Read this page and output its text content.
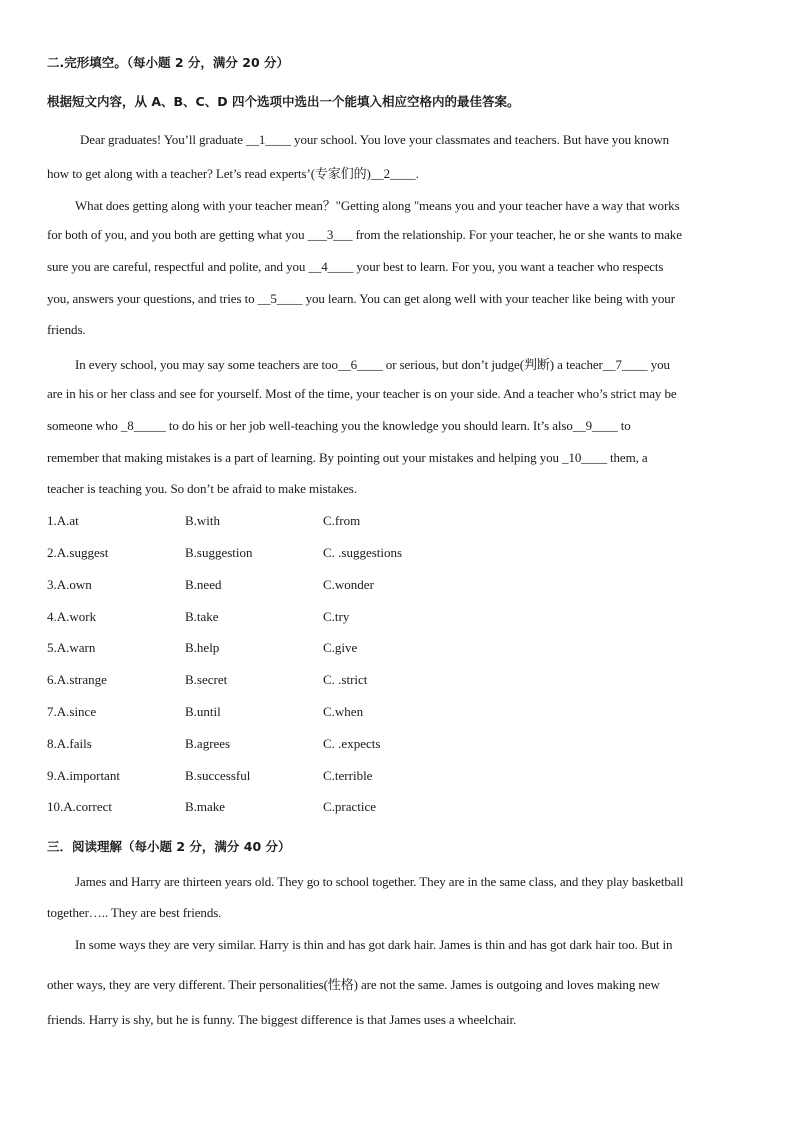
二.完形填空。（每小题 2 分，满分 20 分）
根据短文内容，从 A、B、C、D 四个选项中选出一个能填入相应空格内的最佳答案。
Dear graduates! You’ll graduate __1____ your school. You love your classmates and teachers. But have you known
how to get along with a teacher? Let’s read experts’(专家们的)__2____.
What does getting along with your teacher mean？"Getting along "means you and your teacher have a way that works
for both of you, and you both are getting what you ___3___ from the relationship. For your teacher, he or she wants to make
sure you are careful, respectful and polite, and you __4____ your best to learn. For you, you want a teacher who respects
you, answers your questions, and tries to __5____ you learn. You can get along well with your teacher like being with your
friends.
In every school, you may say some teachers are too__6____ or serious, but don’t judge(判断) a teacher__7____ you
are in his or her class and see for yourself. Most of the time, your teacher is on your side. And a teacher who’s strict may be
someone who _8_____ to do his or her job well-teaching you the knowledge you should learn. It’s also__9____ to
remember that making mistakes is a part of learning. By pointing out your mistakes and helping you _10____ them, a
teacher is teaching you. So don’t be afraid to make mistakes.
1.A.at	B.with	C.from
2.A.suggest	B.suggestion	C. .suggestions
3.A.own	B.need	C.wonder
4.A.work	B.take	C.try
5.A.warn	B.help	C.give
6.A.strange	B.secret	C. .strict
7.A.since	B.until	C.when
8.A.fails	B.agrees	C. .expects
9.A.important	B.successful	C.terrible
10.A.correct	B.make	C.practice
三．阅读理解（每小题 2 分，满分 40 分）
James and Harry are thirteen years old. They go to school together. They are in the same class, and they play basketball
together….. They are best friends.
In some ways they are very similar. Harry is thin and has got dark hair. James is thin and has got dark hair too. But in
other ways, they are very different. Their personalities(性格) are not the same. James is outgoing and loves making new
friends. Harry is shy, but he is funny. The biggest difference is that James uses a wheelchair.
